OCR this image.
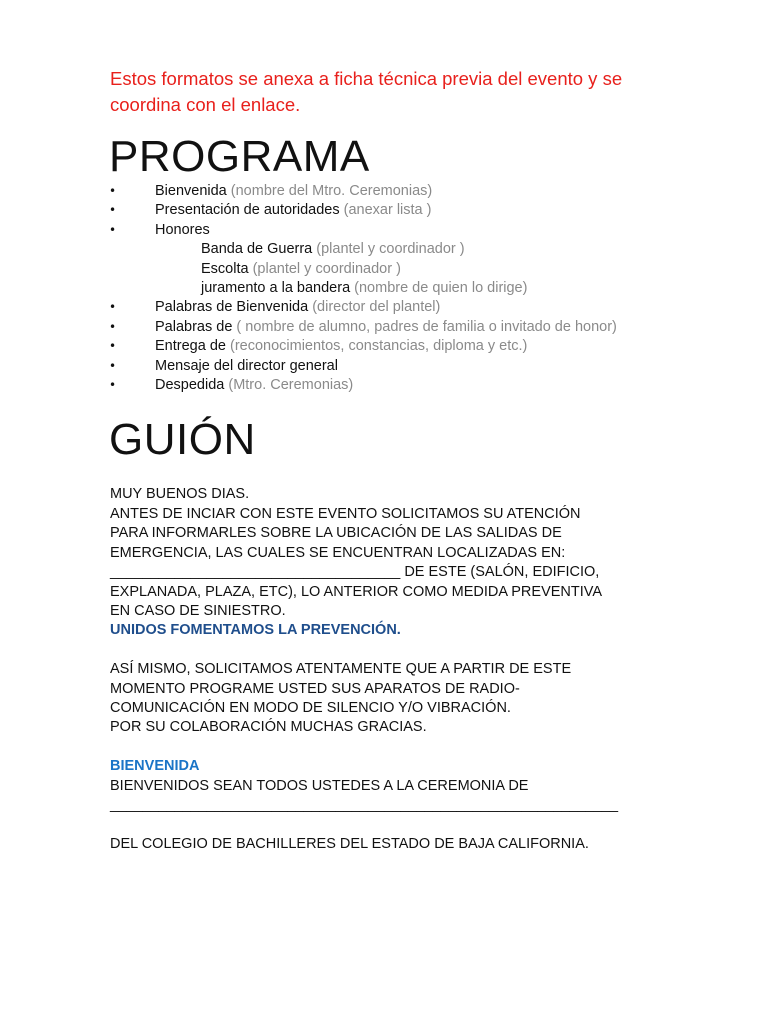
Estos formatos se anexa a ficha técnica previa del evento y se coordina con el enlace.

PROGRAMA
• Bienvenida (nombre del Mtro. Ceremonias)
• Presentación de autoridades (anexar lista )
• Honores
Banda de Guerra (plantel y coordinador )
Escolta (plantel y coordinador )
juramento a la bandera (nombre de quien lo dirige)
• Palabras de Bienvenida (director del plantel)
• Palabras de ( nombre de alumno, padres de familia o invitado de honor)
• Entrega de (reconocimientos, constancias, diploma y etc.)
• Mensaje del director general
• Despedida (Mtro. Ceremonias)
GUIÓN

MUY BUENOS DIAS.

ANTES DE INCIAR CON ESTE EVENTO SOLICITAMOS SU ATENCIÓN

PARA INFORMARLES SOBRE LA UBICACIÓN DE LAS SALIDAS DE

EMERGENCIA, LAS CUALES SE ENCUENTRAN LOCALIZADAS EN:

____________________________________ DE ESTE (SALÓN, EDIFICIO,

EXPLANADA, PLAZA, ETC), LO ANTERIOR COMO MEDIDA PREVENTIVA

EN CASO DE SINIESTRO.

UNIDOS FOMENTAMOS LA PREVENCIÓN.

ASÍ MISMO, SOLICITAMOS ATENTAMENTE QUE A PARTIR DE ESTE

MOMENTO PROGRAME USTED SUS APARATOS DE RADIO-

COMUNICACIÓN EN MODO DE SILENCIO Y/O VIBRACIÓN.

POR SU COLABORACIÓN MUCHAS GRACIAS.

BIENVENIDA

BIENVENIDOS SEAN TODOS USTEDES A LA CEREMONIA DE

_______________________________________________________________

DEL COLEGIO DE BACHILLERES DEL ESTADO DE BAJA CALIFORNIA.
